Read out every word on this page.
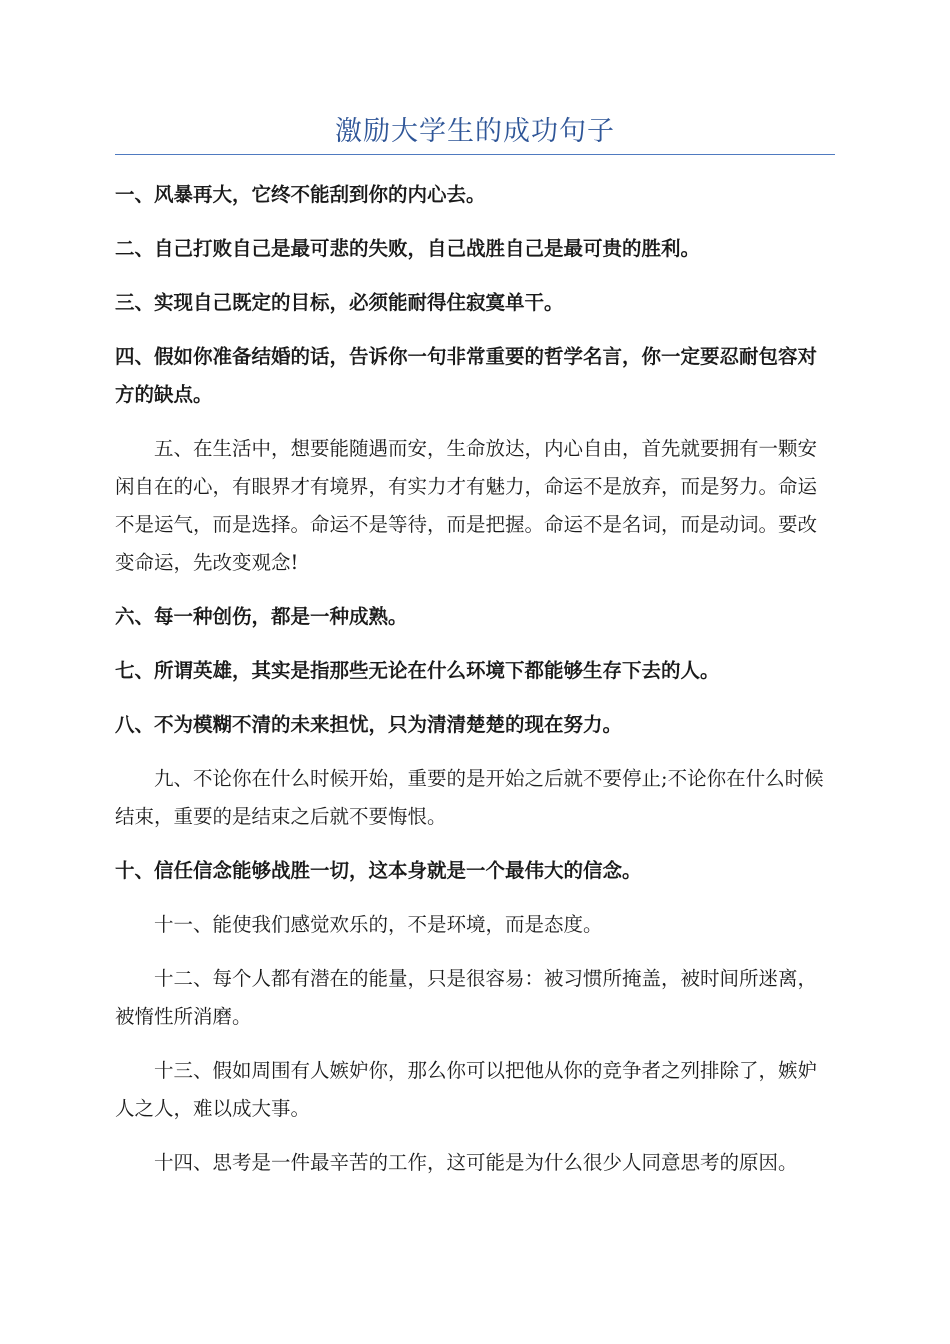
激励大学生的成功句子

一、风暴再大，它终不能刮到你的内心去。

二、自己打败自己是最可悲的失败，自己战胜自己是最可贵的胜利。

三、实现自己既定的目标，必须能耐得住寂寞单干。

四、假如你准备结婚的话，告诉你一句非常重要的哲学名言，你一定要忍耐包容对方的缺点。

五、在生活中，想要能随遇而安，生命放达，内心自由，首先就要拥有一颗安闲自在的心，有眼界才有境界，有实力才有魅力，命运不是放弃，而是努力。命运不是运气，而是选择。命运不是等待，而是把握。命运不是名词，而是动词。要改变命运，先改变观念!

六、每一种创伤，都是一种成熟。

七、所谓英雄，其实是指那些无论在什么环境下都能够生存下去的人。

八、不为模糊不清的未来担忧，只为清清楚楚的现在努力。

九、不论你在什么时候开始，重要的是开始之后就不要停止;不论你在什么时候结束，重要的是结束之后就不要悔恨。

十、信任信念能够战胜一切，这本身就是一个最伟大的信念。

十一、能使我们感觉欢乐的，不是环境，而是态度。

十二、每个人都有潜在的能量，只是很容易：被习惯所掩盖，被时间所迷离，被惰性所消磨。

十三、假如周围有人嫉妒你，那么你可以把他从你的竞争者之列排除了，嫉妒人之人，难以成大事。

十四、思考是一件最辛苦的工作，这可能是为什么很少人同意思考的原因。
